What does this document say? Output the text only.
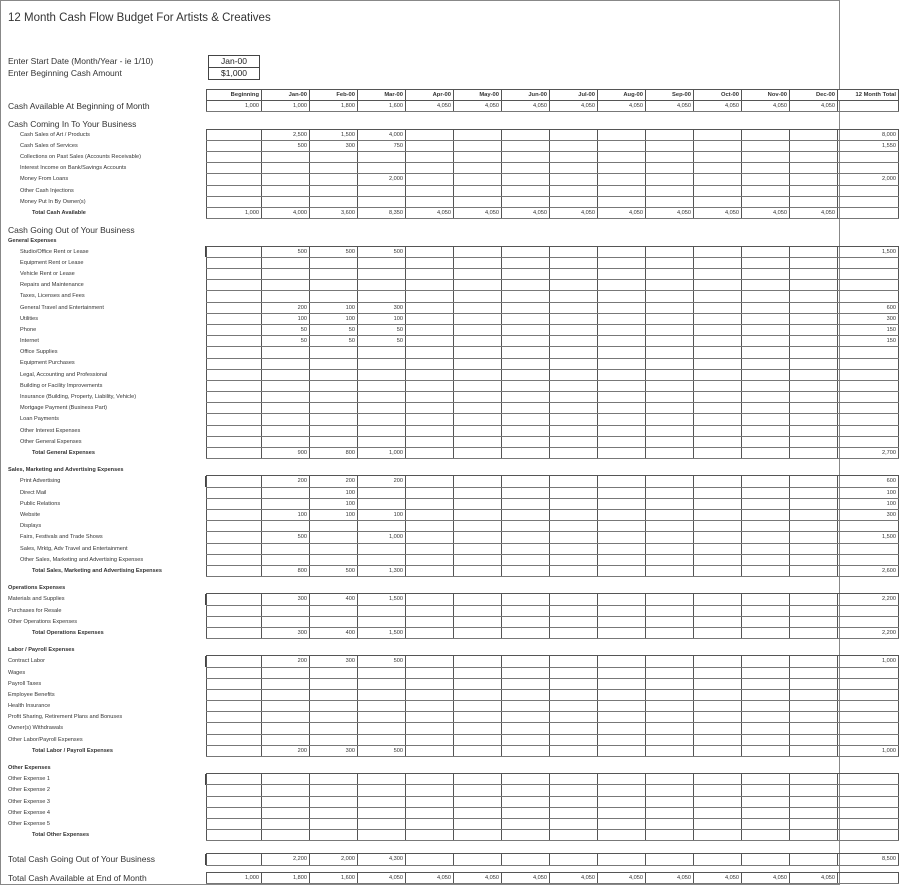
12 Month Cash Flow Budget For Artists & Creatives
Enter Start Date (Month/Year - ie 1/10)
Enter Beginning Cash Amount
Jan-00
$1,000
	Beginning	Jan-00	Feb-00	Mar-00	Apr-00	May-00	Jun-00	Jul-00	Aug-00	Sep-00	Oct-00	Nov-00	Dec-00	12 Month Total
Cash Available At Beginning of Month	1,000	1,000	1,800	1,600	4,050	4,050	4,050	4,050	4,050	4,050	4,050	4,050	4,050	

Cash Coming In To Your Business														
Cash Sales of Art / Products		2,500	1,500	4,000										8,000
Cash Sales of Services		500	300	750										1,550
Collections on Past Sales (Accounts Receivable)														
Interest Income on Bank/Savings Accounts														
Money From Loans				2,000										2,000
Other Cash Injections														
Money Put In By Owner(s)														
Total Cash Available	1,000	4,000	3,600	8,350	4,050	4,050	4,050	4,050	4,050	4,050	4,050	4,050	4,050	

Cash Going Out of Your Business														
General Expenses														
Studio/Office Rent or Lease		500	500	500										1,500
Equipment Rent or Lease														
Vehicle Rent or Lease														
Repairs and Maintenance														
Taxes, Licenses and Fees														
General Travel and Entertainment		200	100	300										600
Utilities		100	100	100										300
Phone		50	50	50										150
Internet		50	50	50										150
Office Supplies														
Equipment Purchases														
Legal, Accounting and Professional														
Building or Facility Improvements														
Insurance (Building, Property, Liability, Vehicle)														
Mortgage Payment (Business Part)														
Loan Payments														
Other Interest Expenses														
Other General Expenses														
Total General Expenses		900	800	1,000										2,700

Sales, Marketing and Advertising Expenses														
Print Advertising		200	200	200										600
Direct Mail			100											100
Public Relations			100											100
Website		100	100	100										300
Displays														
Fairs, Festivals and Trade Shows		500		1,000										1,500
Sales, Mrktg, Adv Travel and Entertainment														
Other Sales, Marketing and Advertising Expenses														
Total Sales, Marketing and Advertising Expenses		800	500	1,300										2,600

Operations Expenses														
Materials and Supplies		300	400	1,500										2,200
Purchases for Resale														
Other Operations Expenses														
Total Operations Expenses		300	400	1,500										2,200

Labor / Payroll Expenses														
Contract Labor		200	300	500										1,000
Wages														
Payroll Taxes														
Employee Benefits														
Health Insurance														
Profit Sharing, Retirement Plans and Bonuses														
Owner(s) Withdrawals														
Other Labor/Payroll Expenses														
Total Labor / Payroll Expenses		200	300	500										1,000

Other Expenses														
Other Expense 1														
Other Expense 2														
Other Expense 3														
Other Expense 4														
Other Expense 5														
Total Other Expenses														

Total Cash Going Out of Your Business		2,200	2,000	4,300										8,500

Total Cash Available at End of Month	1,000	1,800	1,600	4,050	4,050	4,050	4,050	4,050	4,050	4,050	4,050	4,050	4,050	
